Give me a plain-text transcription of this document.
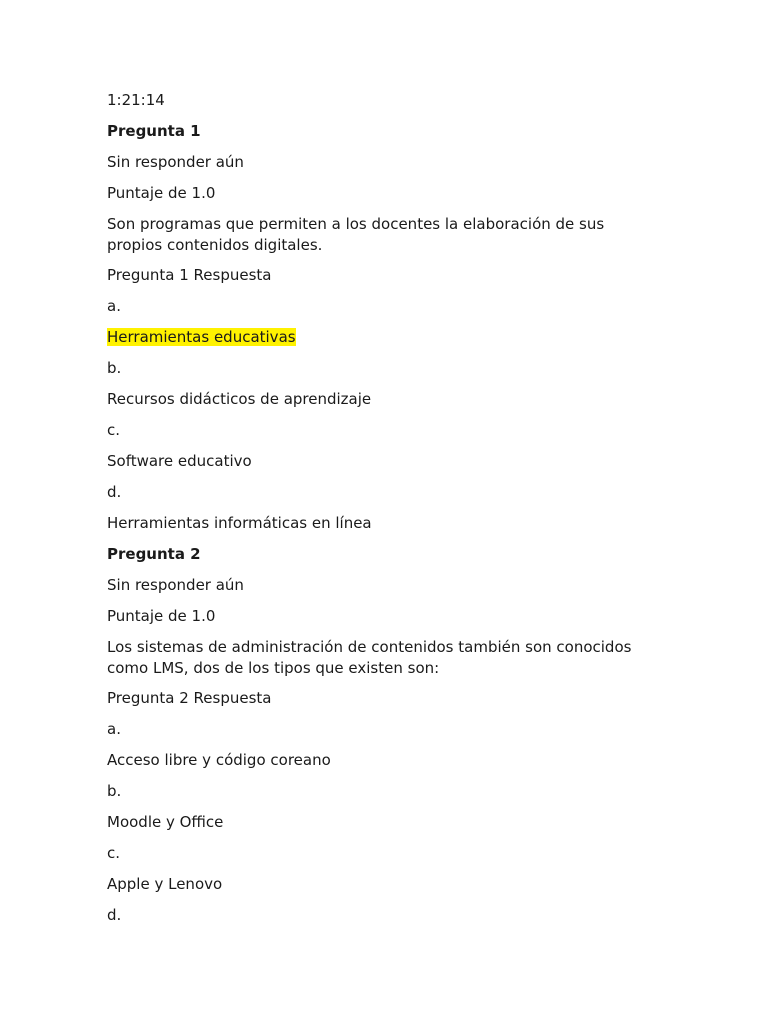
1:21:14
Pregunta 1
Sin responder aún
Puntaje de 1.0
Son programas que permiten a los docentes la elaboración de sus propios contenidos digitales.
Pregunta 1 Respuesta
a.
Herramientas educativas
b.
Recursos didácticos de aprendizaje
c.
Software educativo
d.
Herramientas informáticas en línea
Pregunta 2
Sin responder aún
Puntaje de 1.0
Los sistemas de administración de contenidos también son conocidos como LMS, dos de los tipos que existen son:
Pregunta 2 Respuesta
a.
Acceso libre y código coreano
b.
Moodle y Office
c.
Apple y Lenovo
d.
